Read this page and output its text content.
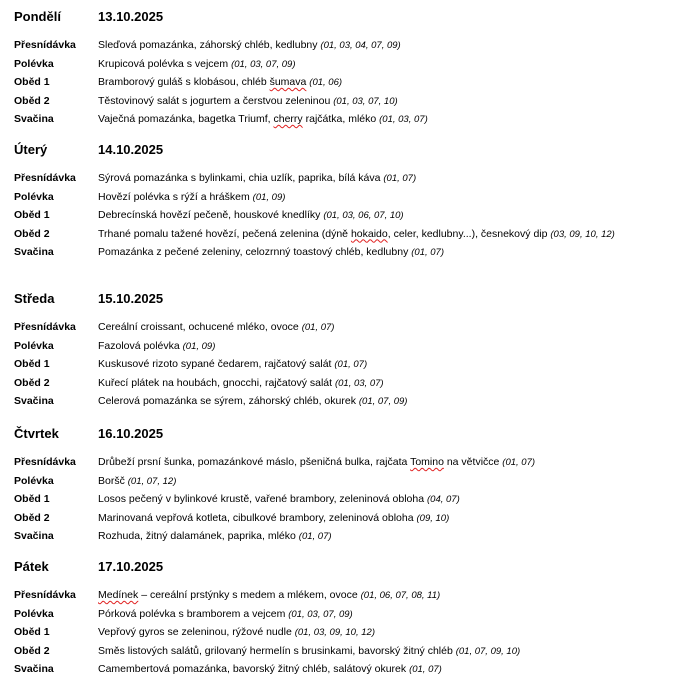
Pondělí	13.10.2025
Přesnídávka	Sleďová pomazánka, záhorský chléb, kedlubny (01, 03, 04, 07, 09)
Polévka	Krupicová polévka s vejcem (01, 03, 07, 09)
Oběd 1	Bramborový guláš s klobásou, chléb šumava (01, 06)
Oběd 2	Těstovinový salát s jogurtem a čerstvou zeleninou (01, 03, 07, 10)
Svačina	Vaječná pomazánka, bagetka Triumf, cherry rajčátka, mléko (01, 03, 07)
Úterý	14.10.2025
Přesnídávka	Sýrová pomazánka s bylinkami, chia uzlík, paprika, bílá káva (01, 07)
Polévka	Hovězí polévka s rýží a hráškem (01, 09)
Oběd 1	Debrecínská hovězí pečeně, houskové knedlíky (01, 03, 06, 07, 10)
Oběd 2	Trhané pomalu tažené hovězí, pečená zelenina (dýně hokaido, celer, kedlubny...), česnekový dip (03, 09, 10, 12)
Svačina	Pomazánka z pečené zeleniny, celozrnný toastový chléb, kedlubny (01, 07)
Středa	15.10.2025
Přesnídávka	Cereální croissant, ochucené mléko, ovoce (01, 07)
Polévka	Fazolová polévka (01, 09)
Oběd 1	Kuskusové rizoto sypané čedarem, rajčatový salát (01, 07)
Oběd 2	Kuřecí plátek na houbách, gnocchi, rajčatový salát (01, 03, 07)
Svačina	Celerová pomazánka se sýrem, záhorský chléb, okurek (01, 07, 09)
Čtvrtek	16.10.2025
Přesnídávka	Drůbeží prsní šunka, pomazánkové máslo, pšeničná bulka, rajčata Tomino na větvičce (01, 07)
Polévka	Boršč (01, 07, 12)
Oběd 1	Losos pečený v bylinkové krustě, vařené brambory, zeleninová obloha (04, 07)
Oběd 2	Marinovaná vepřová kotleta, cibulkové brambory, zeleninová obloha (09, 10)
Svačina	Rozhuda, žitný dalamánek, paprika, mléko (01, 07)
Pátek	17.10.2025
Přesnídávka	Medínek – cereální prstýnky s medem a mlékem, ovoce (01, 06, 07, 08, 11)
Polévka	Pórková polévka s bramborem a vejcem (01, 03, 07, 09)
Oběd 1	Vepřový gyros se zeleninou, rýžové nudle (01, 03, 09, 10, 12)
Oběd 2	Směs listových salátů, grilovaný hermelín s brusinkami, bavorský žitný chléb (01, 07, 09, 10)
Svačina	Camembertová pomazánka, bavorský žitný chléb, salátový okurek (01, 07)
